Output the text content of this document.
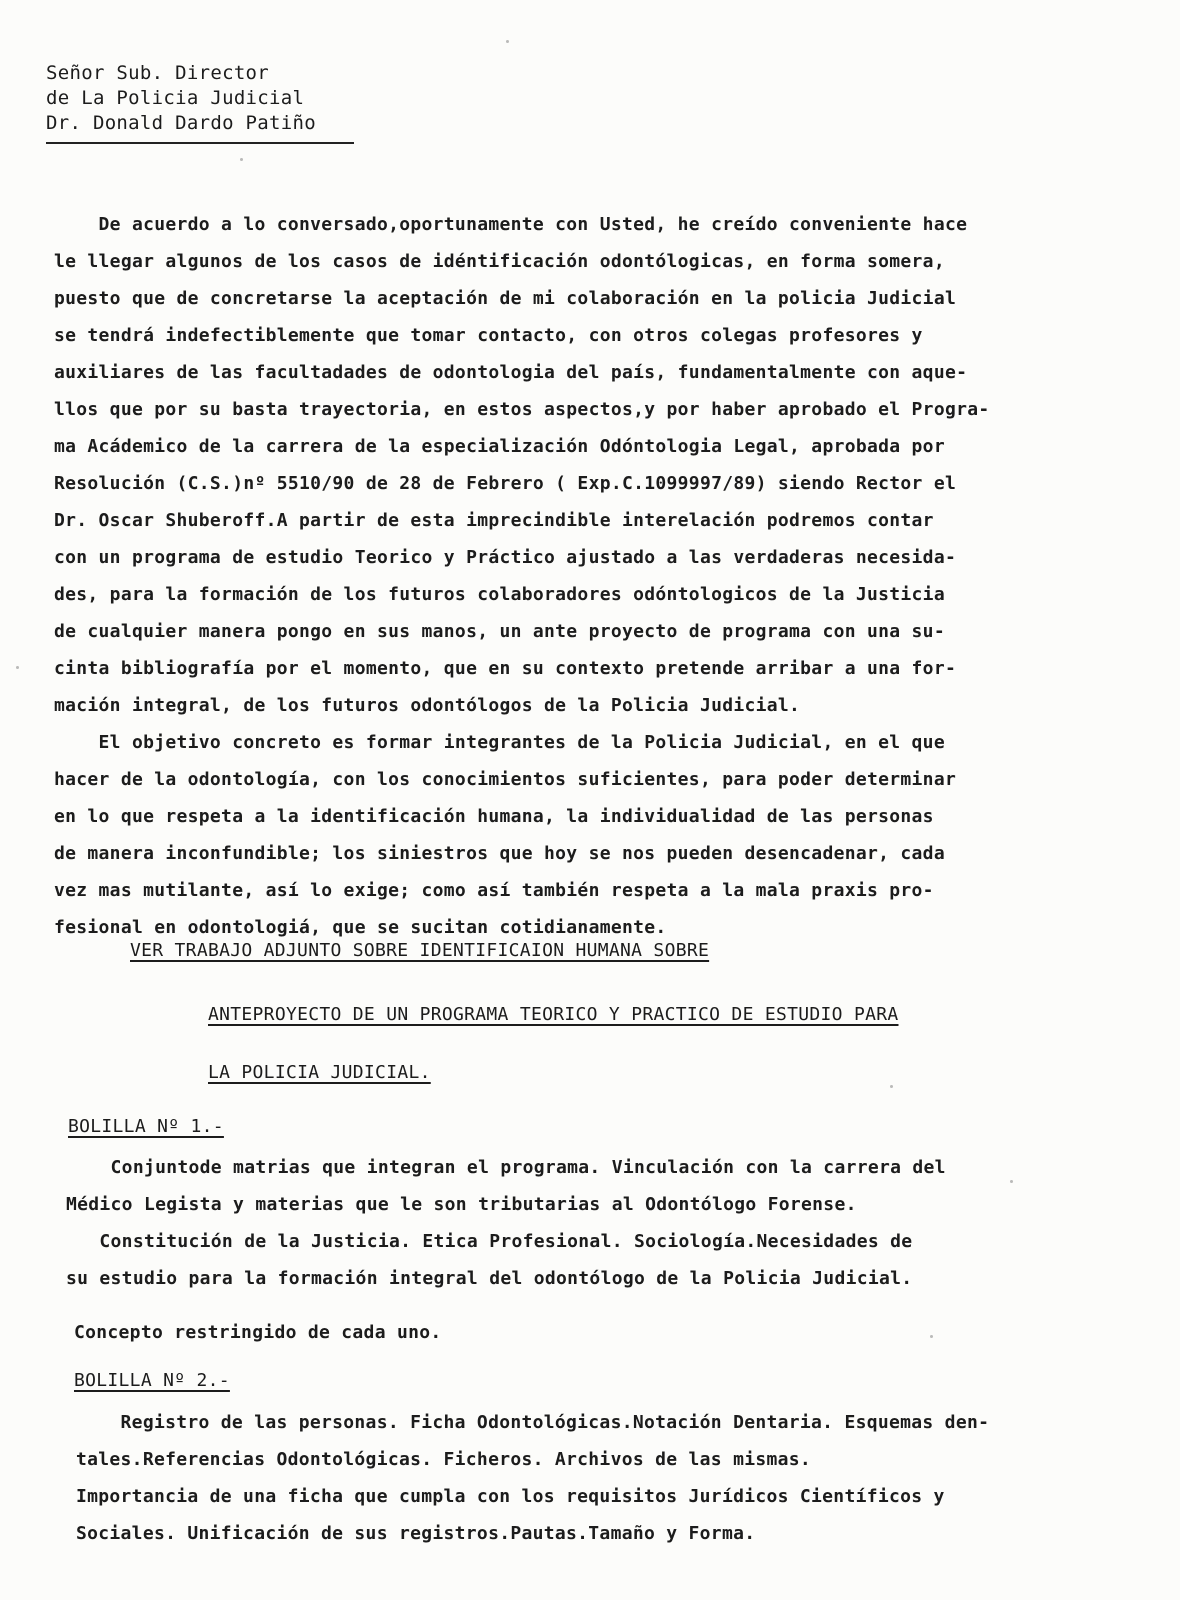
Señor Sub. Director
de La Policia Judicial
Dr. Donald Dardo Patiño
De acuerdo a lo conversado,oportunamente con Usted, he creído conveniente hace
le llegar algunos de los casos de idéntificación odontólogicas, en forma somera,
puesto que de concretarse la aceptación de mi colaboración en la policia Judicial
se tendrá indefectiblemente que tomar contacto, con otros colegas profesores y
auxiliares de las facultadades de odontologia del país, fundamentalmente con aque-
llos que por su basta trayectoria, en estos aspectos,y por haber aprobado el Progra-
ma Acádemico de la carrera de la especialización Odóntologia Legal, aprobada por
Resolución (C.S.)nº 5510/90 de 28 de Febrero ( Exp.C.1099997/89) siendo Rector el
Dr. Oscar Shuberoff.A partir de esta imprecindible interelación podremos contar
con un programa de estudio Teorico y Práctico ajustado a las verdaderas necesida-
des, para la formación de los futuros colaboradores odóntologicos de la Justicia
de cualquier manera pongo en sus manos, un ante proyecto de programa con una su-
cinta bibliografía por el momento, que en su contexto pretende arribar a una for-
mación integral, de los futuros odontólogos de la Policia Judicial.
El objetivo concreto es formar integrantes de la Policia Judicial, en el que
hacer de la odontología, con los conocimientos suficientes, para poder determinar
en lo que respeta a la identificación humana, la individualidad de las personas
de manera inconfundible; los siniestros que hoy se nos pueden desencadenar, cada
vez mas mutilante, así lo exige; como así también respeta a la mala praxis pro-
fesional en odontologiá, que se sucitan cotidianamente.
VER TRABAJO ADJUNTO SOBRE IDENTIFICAION HUMANA SOBRE
ANTEPROYECTO DE UN PROGRAMA TEORICO Y PRACTICO DE ESTUDIO PARA
LA POLICIA JUDICIAL.
BOLILLA Nº 1.-
Conjuntode matrias que integran el programa. Vinculación con la carrera del
Médico Legista y materias que le son tributarias al Odontólogo Forense.
Constitución de la Justicia. Etica Profesional. Sociología.Necesidades de
su estudio para la formación integral del odontólogo de la Policia Judicial.
Concepto restringido de cada uno.
BOLILLA Nº 2.-
Registro de las personas. Ficha Odontológicas.Notación Dentaria. Esquemas den-
tales.Referencias Odontológicas. Ficheros. Archivos de las mismas.
Importancia de una ficha que cumpla con los requisitos Jurídicos Científicos y
Sociales. Unificación de sus registros.Pautas.Tamaño y Forma.
